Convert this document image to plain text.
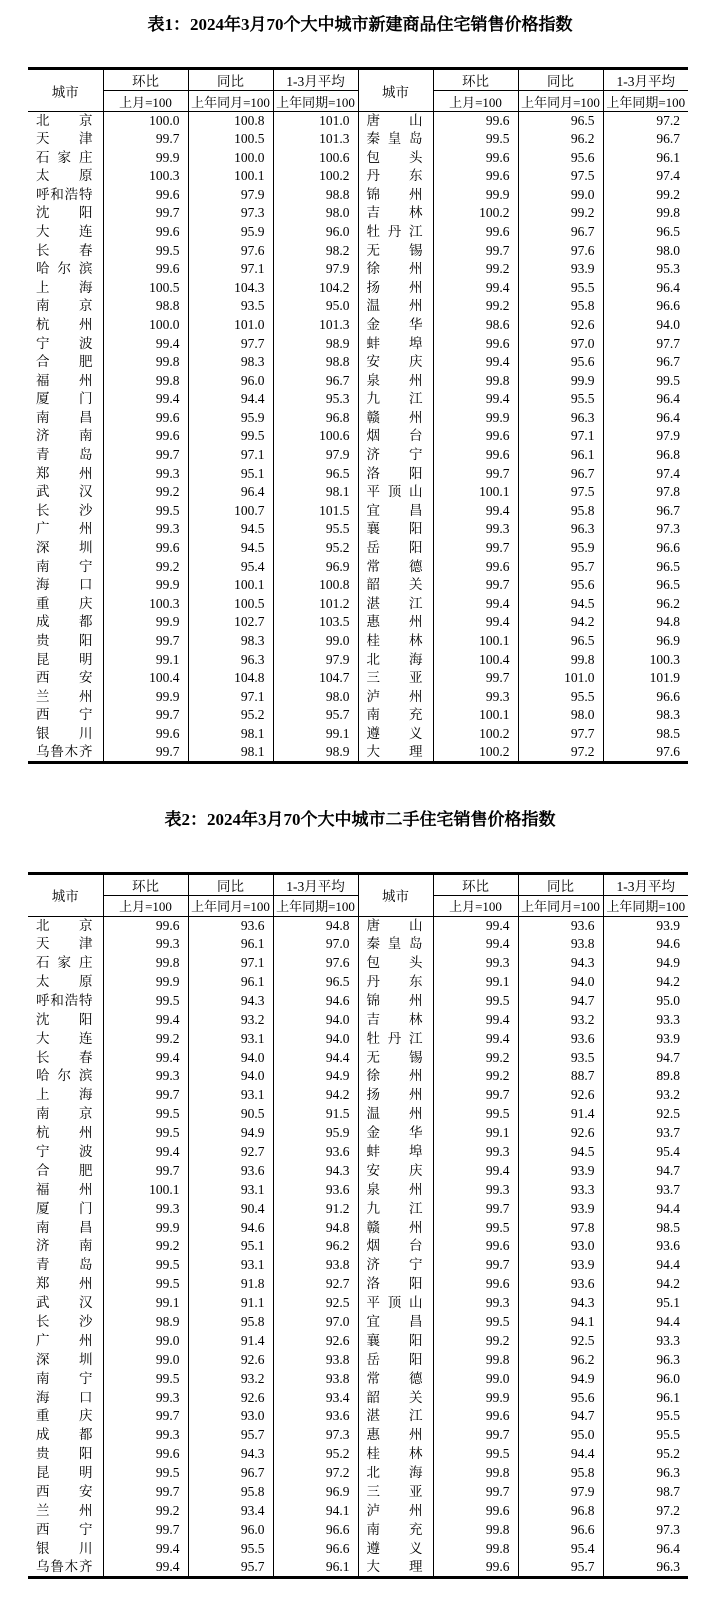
表1：2024年3月70个大中城市新建商品住宅销售价格指数
城市	环比	同比	1-3月平均	城市	环比	同比	1-3月平均
	上月=100	上年同月=100	上年同期=100		上月=100	上年同月=100	上年同期=100
北京	100.0	100.8	101.0	唐山	99.6	96.5	97.2
天津	99.7	100.5	101.3	秦皇岛	99.5	96.2	96.7
石家庄	99.9	100.0	100.6	包头	99.6	95.6	96.1
太原	100.3	100.1	100.2	丹东	99.6	97.5	97.4
呼和浩特	99.6	97.9	98.8	锦州	99.9	99.0	99.2
沈阳	99.7	97.3	98.0	吉林	100.2	99.2	99.8
大连	99.6	95.9	96.0	牡丹江	99.6	96.7	96.5
长春	99.5	97.6	98.2	无锡	99.7	97.6	98.0
哈尔滨	99.6	97.1	97.9	徐州	99.2	93.9	95.3
上海	100.5	104.3	104.2	扬州	99.4	95.5	96.4
南京	98.8	93.5	95.0	温州	99.2	95.8	96.6
杭州	100.0	101.0	101.3	金华	98.6	92.6	94.0
宁波	99.4	97.7	98.9	蚌埠	99.6	97.0	97.7
合肥	99.8	98.3	98.8	安庆	99.4	95.6	96.7
福州	99.8	96.0	96.7	泉州	99.8	99.9	99.5
厦门	99.4	94.4	95.3	九江	99.4	95.5	96.4
南昌	99.6	95.9	96.8	赣州	99.9	96.3	96.4
济南	99.6	99.5	100.6	烟台	99.6	97.1	97.9
青岛	99.7	97.1	97.9	济宁	99.6	96.1	96.8
郑州	99.3	95.1	96.5	洛阳	99.7	96.7	97.4
武汉	99.2	96.4	98.1	平顶山	100.1	97.5	97.8
长沙	99.5	100.7	101.5	宜昌	99.4	95.8	96.7
广州	99.3	94.5	95.5	襄阳	99.3	96.3	97.3
深圳	99.6	94.5	95.2	岳阳	99.7	95.9	96.6
南宁	99.2	95.4	96.9	常德	99.6	95.7	96.5
海口	99.9	100.1	100.8	韶关	99.7	95.6	96.5
重庆	100.3	100.5	101.2	湛江	99.4	94.5	96.2
成都	99.9	102.7	103.5	惠州	99.4	94.2	94.8
贵阳	99.7	98.3	99.0	桂林	100.1	96.5	96.9
昆明	99.1	96.3	97.9	北海	100.4	99.8	100.3
西安	100.4	104.8	104.7	三亚	99.7	101.0	101.9
兰州	99.9	97.1	98.0	泸州	99.3	95.5	96.6
西宁	99.7	95.2	95.7	南充	100.1	98.0	98.3
银川	99.6	98.1	99.1	遵义	100.2	97.7	98.5
乌鲁木齐	99.7	98.1	98.9	大理	100.2	97.2	97.6
表2：2024年3月70个大中城市二手住宅销售价格指数
城市	环比	同比	1-3月平均	城市	环比	同比	1-3月平均
	上月=100	上年同月=100	上年同期=100		上月=100	上年同月=100	上年同期=100
北京	99.6	93.6	94.8	唐山	99.4	93.6	93.9
天津	99.3	96.1	97.0	秦皇岛	99.4	93.8	94.6
石家庄	99.8	97.1	97.6	包头	99.3	94.3	94.9
太原	99.9	96.1	96.5	丹东	99.1	94.0	94.2
呼和浩特	99.5	94.3	94.6	锦州	99.5	94.7	95.0
沈阳	99.4	93.2	94.0	吉林	99.4	93.2	93.3
大连	99.2	93.1	94.0	牡丹江	99.4	93.6	93.9
长春	99.4	94.0	94.4	无锡	99.2	93.5	94.7
哈尔滨	99.3	94.0	94.9	徐州	99.2	88.7	89.8
上海	99.7	93.1	94.2	扬州	99.7	92.6	93.2
南京	99.5	90.5	91.5	温州	99.5	91.4	92.5
杭州	99.5	94.9	95.9	金华	99.1	92.6	93.7
宁波	99.4	92.7	93.6	蚌埠	99.3	94.5	95.4
合肥	99.7	93.6	94.3	安庆	99.4	93.9	94.7
福州	100.1	93.1	93.6	泉州	99.3	93.3	93.7
厦门	99.3	90.4	91.2	九江	99.7	93.9	94.4
南昌	99.9	94.6	94.8	赣州	99.5	97.8	98.5
济南	99.2	95.1	96.2	烟台	99.6	93.0	93.6
青岛	99.5	93.1	93.8	济宁	99.7	93.9	94.4
郑州	99.5	91.8	92.7	洛阳	99.6	93.6	94.2
武汉	99.1	91.1	92.5	平顶山	99.3	94.3	95.1
长沙	98.9	95.8	97.0	宜昌	99.5	94.1	94.4
广州	99.0	91.4	92.6	襄阳	99.2	92.5	93.3
深圳	99.0	92.6	93.8	岳阳	99.8	96.2	96.3
南宁	99.5	93.2	93.8	常德	99.0	94.9	96.0
海口	99.3	92.6	93.4	韶关	99.9	95.6	96.1
重庆	99.7	93.0	93.6	湛江	99.6	94.7	95.5
成都	99.3	95.7	97.3	惠州	99.7	95.0	95.5
贵阳	99.6	94.3	95.2	桂林	99.5	94.4	95.2
昆明	99.5	96.7	97.2	北海	99.8	95.8	96.3
西安	99.7	95.8	96.9	三亚	99.7	97.9	98.7
兰州	99.2	93.4	94.1	泸州	99.6	96.8	97.2
西宁	99.7	96.0	96.6	南充	99.8	96.6	97.3
银川	99.4	95.5	96.6	遵义	99.8	95.4	96.4
乌鲁木齐	99.4	95.7	96.1	大理	99.6	95.7	96.3
